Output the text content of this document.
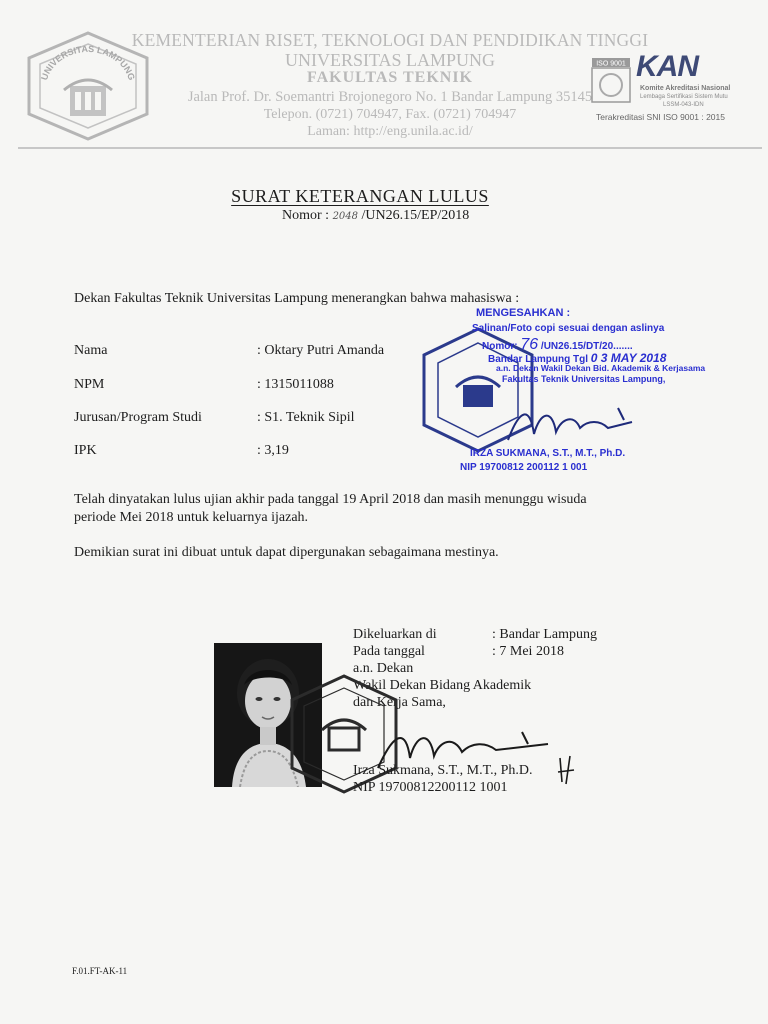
UNIVERSITAS LAMPUNG
KEMENTERIAN RISET, TEKNOLOGI DAN PENDIDIKAN TINGGI
UNIVERSITAS LAMPUNG
FAKULTAS TEKNIK
Jalan Prof. Dr. Soemantri Brojonegoro No. 1 Bandar Lampung 35145
Telepon. (0721) 704947, Fax. (0721) 704947
Laman: http://eng.unila.ac.id/
ISO 9001 KAN
Komite Akreditasi Nasional
Lembaga Sertifikasi Sistem Mutu
LSSM-043-IDN
Terakreditasi SNI ISO 9001 : 2015
SURAT KETERANGAN LULUS
Nomor : 2048 /UN26.15/EP/2018
Dekan Fakultas Teknik Universitas Lampung menerangkan bahwa mahasiswa :
Nama	: Oktary Putri Amanda
NPM	: 1315011088
Jurusan/Program Studi	: S1. Teknik Sipil
IPK	: 3,19
MENGESAHKAN :
Salinan/Foto copi sesuai dengan aslinya
Nomor: 76 /UN26.15/DT/20.......
Bandar Lampung Tgl 0 3 MAY 2018
a.n. Dekan Wakil Dekan Bid. Akademik & Kerjasama
Fakultas Teknik Universitas Lampung,
IRZA SUKMANA, S.T., M.T., Ph.D.
NIP 19700812 200112 1 001
Telah dinyatakan lulus ujian akhir pada tanggal 19 April 2018 dan masih menunggu wisuda
periode Mei 2018 untuk keluarnya ijazah.
Demikian surat ini dibuat untuk dapat dipergunakan sebagaimana mestinya.
Dikeluarkan di	: Bandar Lampung
Pada tanggal	: 7 Mei 2018
a.n. Dekan
Wakil Dekan Bidang Akademik
dan Kerja Sama,
Irza Sukmana, S.T., M.T., Ph.D.
NIP 19700812200112 1001
F.01.FT-AK-11
